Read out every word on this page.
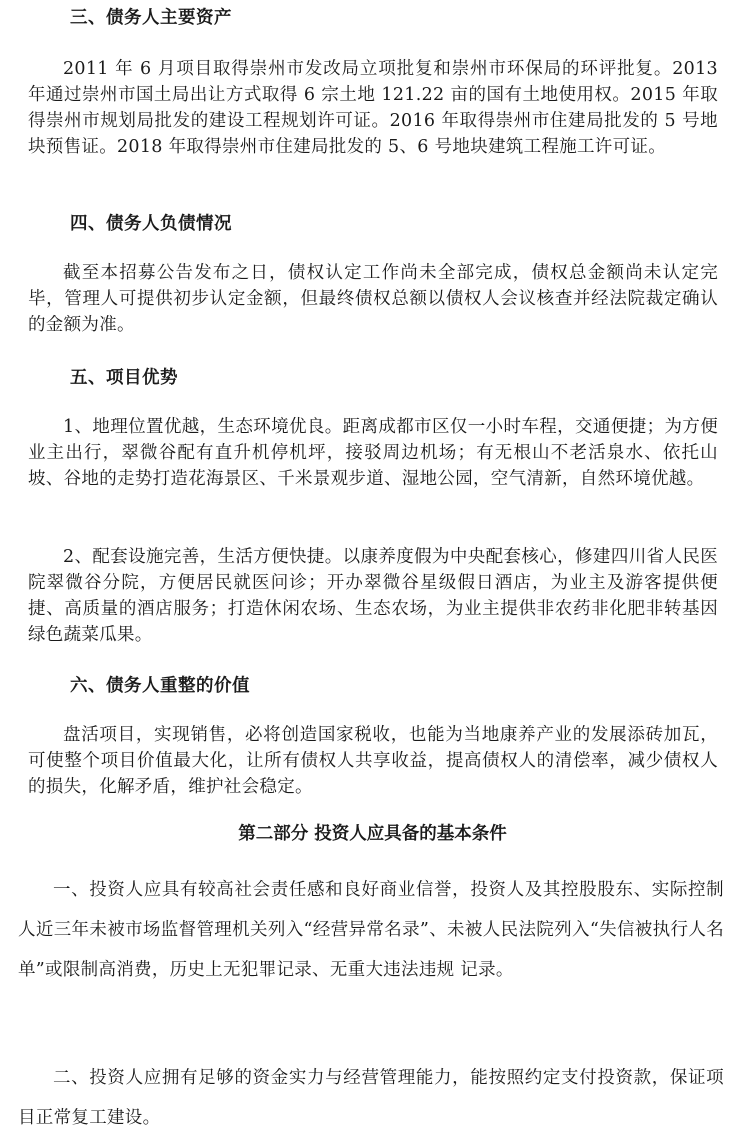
三、债务人主要资产

2011 年 6 月项目取得崇州市发改局立项批复和崇州市环保局的环评批复。2013 年通过崇州市国土局出让方式取得 6 宗土地 121.22 亩的国有土地使用权。2015 年取得崇州市规划局批发的建设工程规划许可证。2016 年取得崇州市住建局批发的 5 号地块预售证。2018 年取得崇州市住建局批发的 5、6 号地块建筑工程施工许可证。

四、债务人负债情况

截至本招募公告发布之日，债权认定工作尚未全部完成，债权总金额尚未认定完毕，管理人可提供初步认定金额，但最终债权总额以债权人会议核查并经法院裁定确认的金额为准。

五、项目优势

1、地理位置优越，生态环境优良。距离成都市区仅一小时车程，交通便捷；为方便业主出行，翠微谷配有直升机停机坪，接驳周边机场；有无根山不老活泉水、依托山坡、谷地的走势打造花海景区、千米景观步道、湿地公园，空气清新，自然环境优越。

2、配套设施完善，生活方便快捷。以康养度假为中央配套核心，修建四川省人民医院翠微谷分院，方便居民就医问诊；开办翠微谷星级假日酒店，为业主及游客提供便捷、高质量的酒店服务；打造休闲农场、生态农场，为业主提供非农药非化肥非转基因绿色蔬菜瓜果。

六、债务人重整的价值

盘活项目，实现销售，必将创造国家税收，也能为当地康养产业的发展添砖加瓦，可使整个项目价值最大化，让所有债权人共享收益，提高债权人的清偿率，减少债权人的损失，化解矛盾，维护社会稳定。

第二部分 投资人应具备的基本条件

一、投资人应具有较高社会责任感和良好商业信誉，投资人及其控股股东、实际控制人近三年未被市场监督管理机关列入“经营异常名录”、未被人民法院列入“失信被执行人名单”或限制高消费，历史上无犯罪记录、无重大违法违规 记录。

二、投资人应拥有足够的资金实力与经营管理能力，能按照约定支付投资款，保证项目正常复工建设。
